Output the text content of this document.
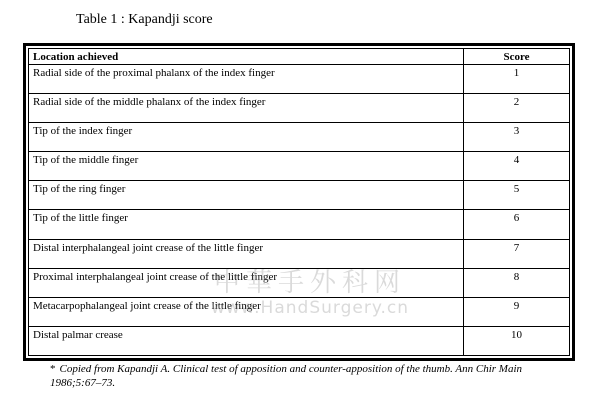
Table 1 : Kapandji score
Location achieved	Score
Radial side of the proximal phalanx of the index finger	1
Radial side of the middle phalanx of the index finger	2
Tip of the index finger	3
Tip of the middle finger	4
Tip of the ring finger	5
Tip of the little finger	6
Distal interphalangeal joint crease of the little finger	7
Proximal interphalangeal joint crease of the little finger	8
Metacarpophalangeal joint crease of the little finger	9
Distal palmar crease	10
中華手外科网
www.HandSurgery.cn
* Copied from Kapandji A. Clinical test of apposition and counter-apposition of the thumb. Ann Chir Main 1986;5:67–73.
